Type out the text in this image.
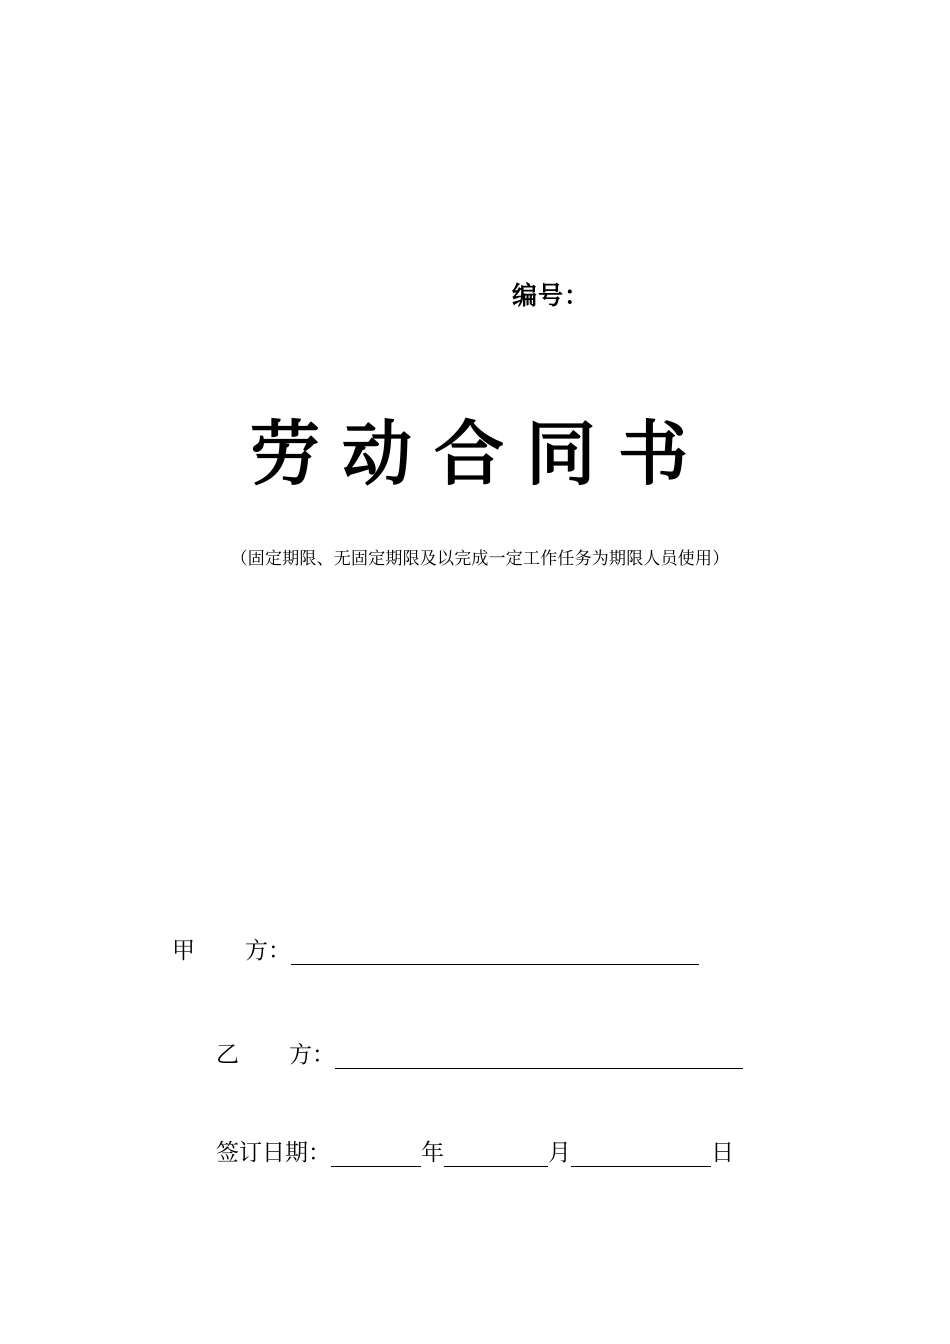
编号：
劳动合同书
（固定期限、无固定期限及以完成一定工作任务为期限人员使用）
甲 方：
乙 方：
签订日期：	年	月	日
